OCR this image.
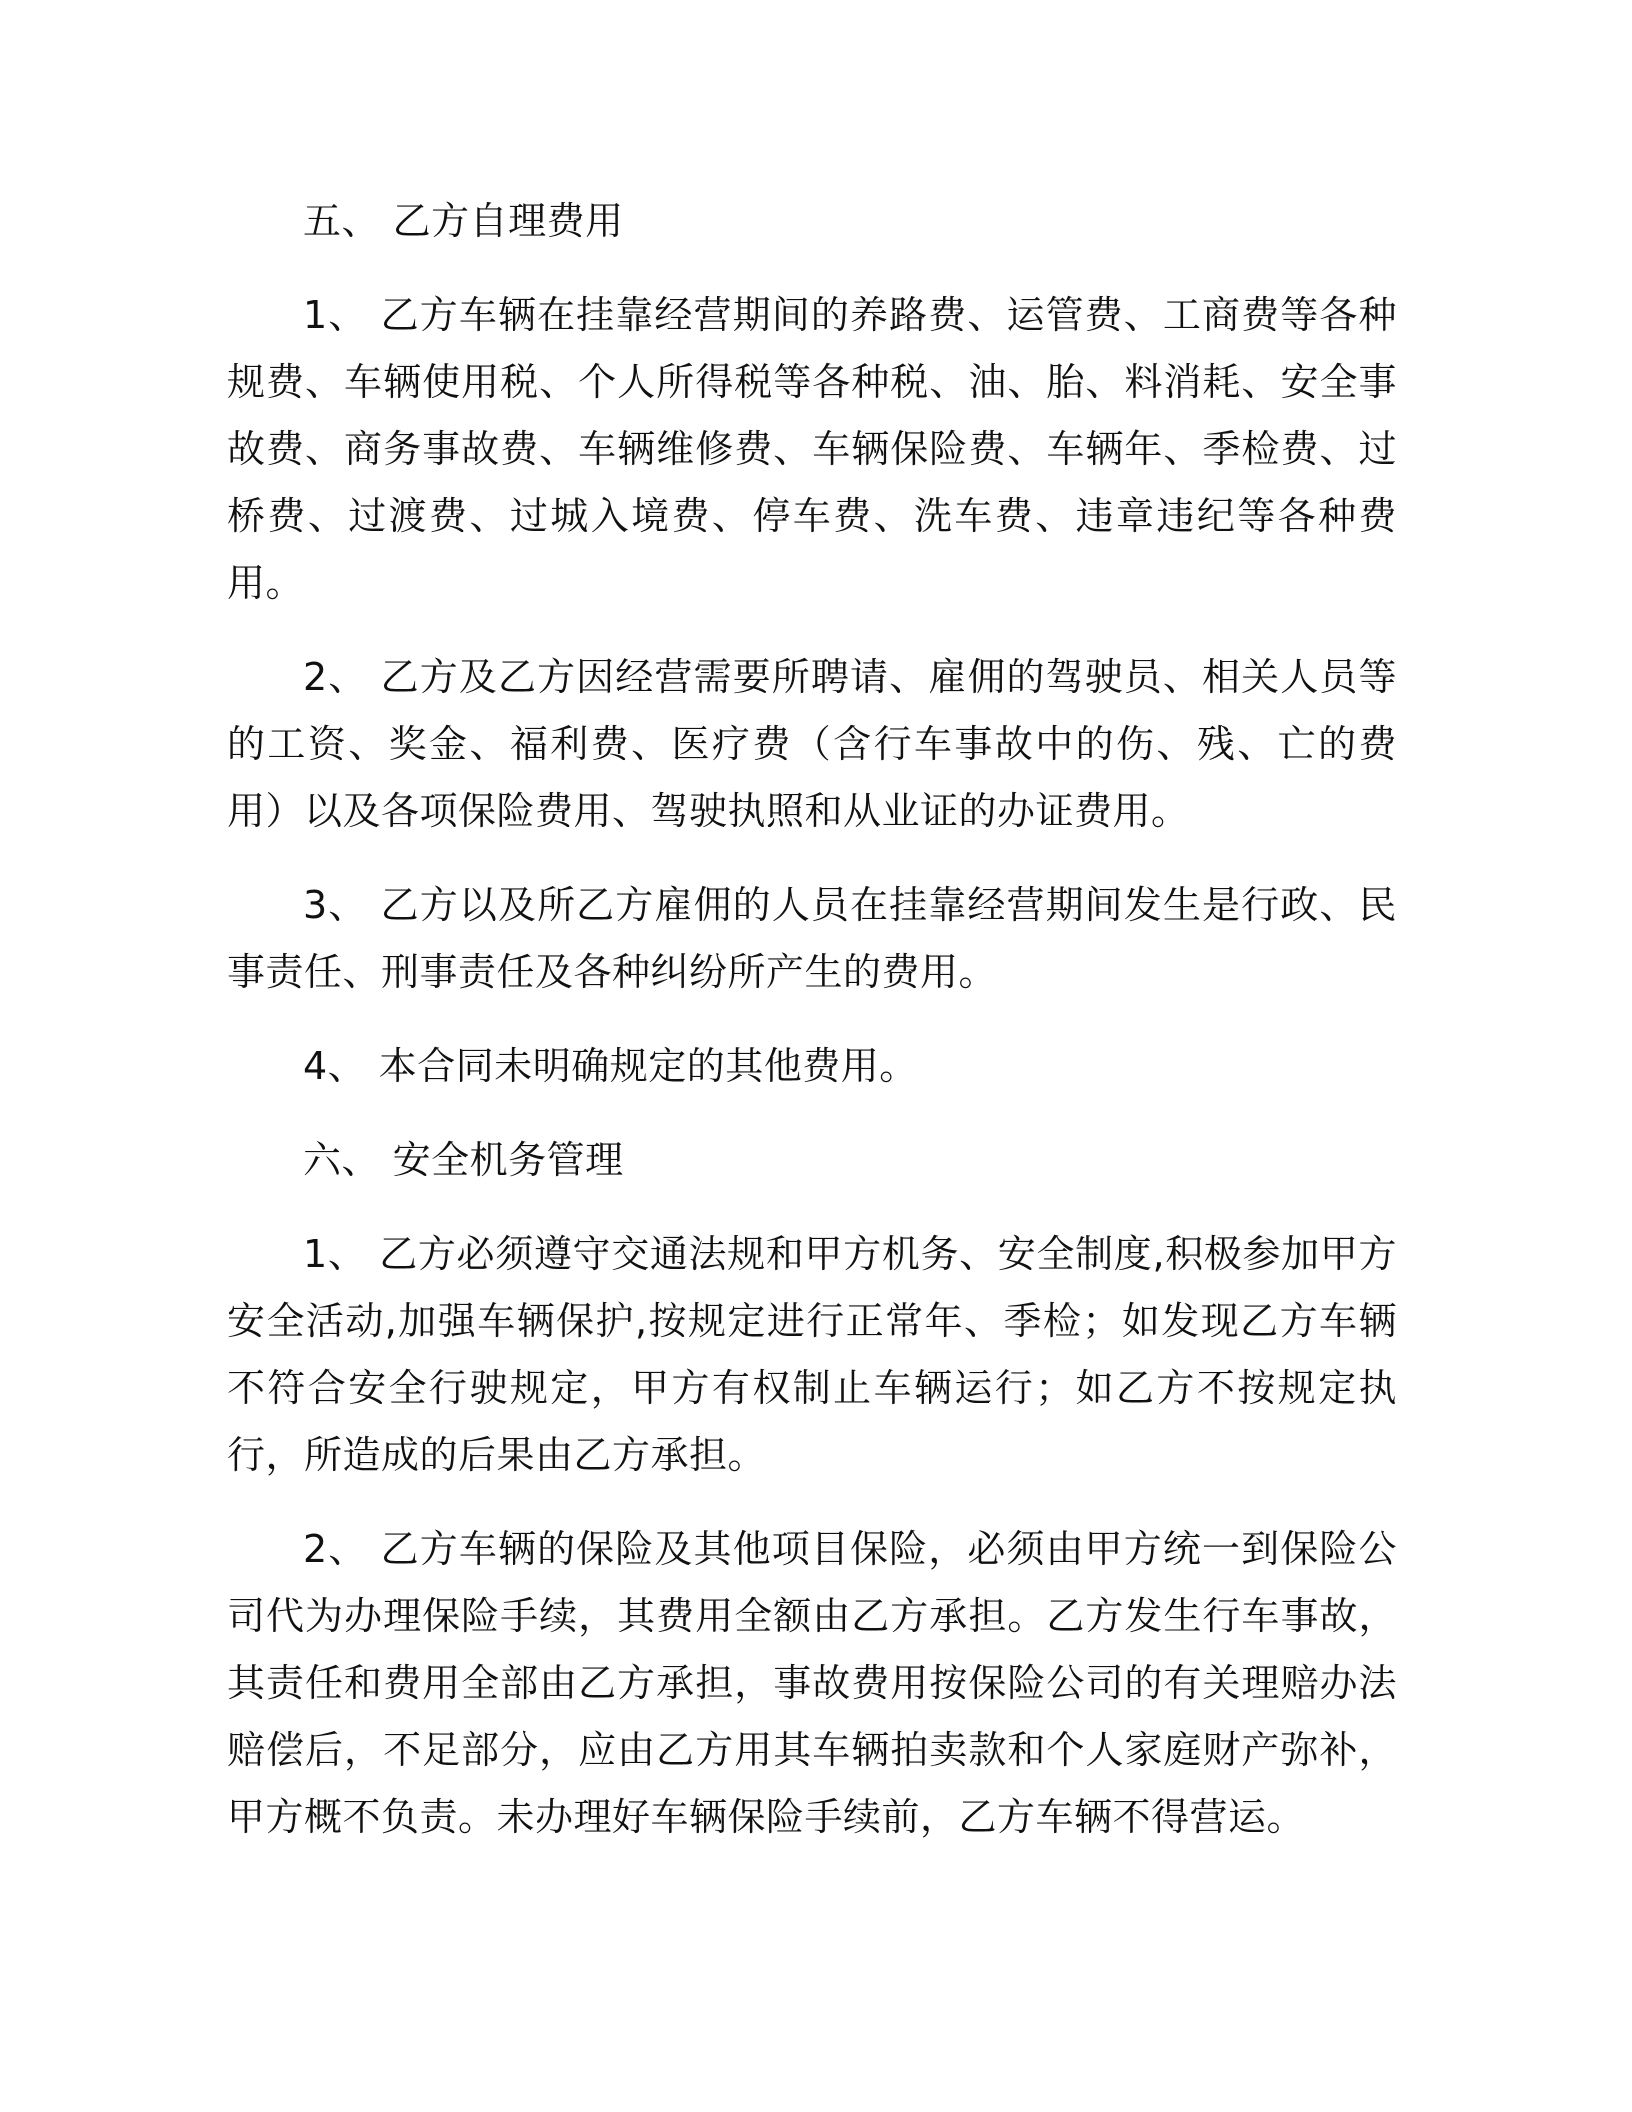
五、 乙方自理费用

1、 乙方车辆在挂靠经营期间的养路费、运管费、工商费等各种规费、车辆使用税、个人所得税等各种税、油、胎、料消耗、安全事故费、商务事故费、车辆维修费、车辆保险费、车辆年、季检费、过桥费、过渡费、过城入境费、停车费、洗车费、违章违纪等各种费用。

2、 乙方及乙方因经营需要所聘请、雇佣的驾驶员、相关人员等的工资、奖金、福利费、医疗费（含行车事故中的伤、残、亡的费用）以及各项保险费用、驾驶执照和从业证的办证费用。

3、 乙方以及所乙方雇佣的人员在挂靠经营期间发生是行政、民事责任、刑事责任及各种纠纷所产生的费用。

4、 本合同未明确规定的其他费用。

六、 安全机务管理

1、 乙方必须遵守交通法规和甲方机务、安全制度,积极参加甲方安全活动,加强车辆保护,按规定进行正常年、季检；如发现乙方车辆不符合安全行驶规定，甲方有权制止车辆运行；如乙方不按规定执行，所造成的后果由乙方承担。

2、 乙方车辆的保险及其他项目保险，必须由甲方统一到保险公司代为办理保险手续，其费用全额由乙方承担。乙方发生行车事故，其责任和费用全部由乙方承担，事故费用按保险公司的有关理赔办法赔偿后，不足部分，应由乙方用其车辆拍卖款和个人家庭财产弥补，甲方概不负责。未办理好车辆保险手续前，乙方车辆不得营运。
